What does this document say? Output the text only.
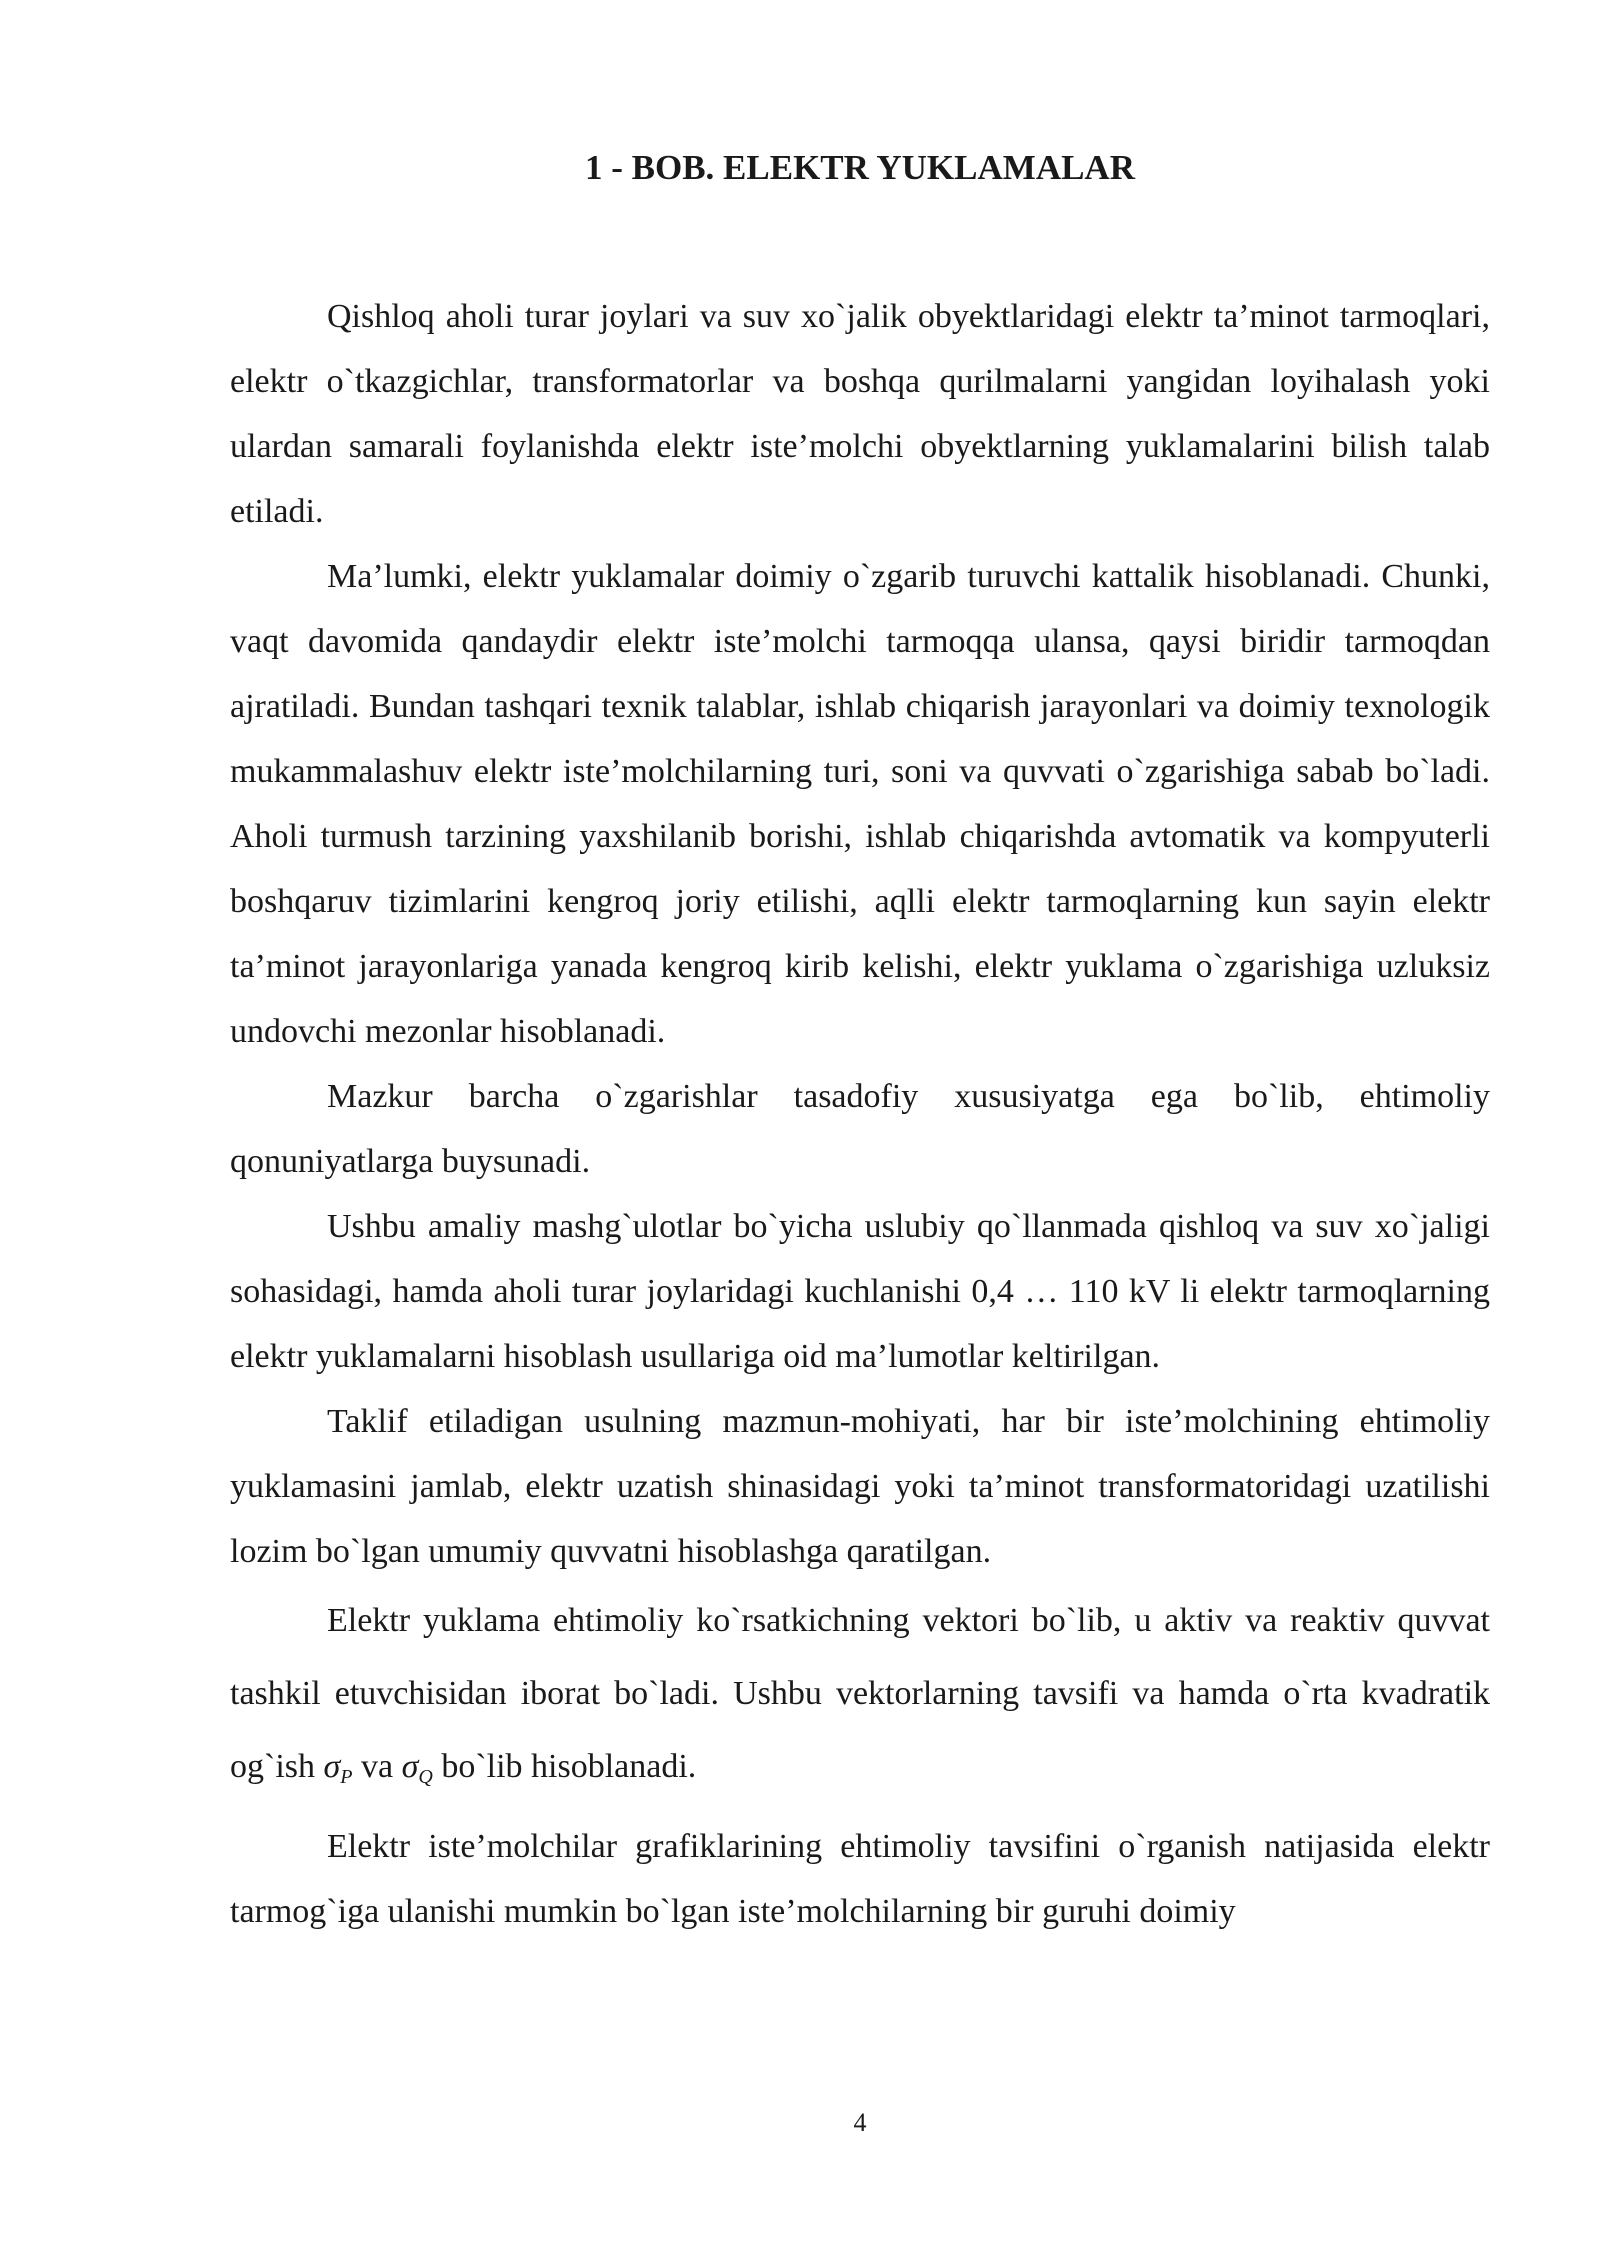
1 - BOB. ELEKTR YUKLAMALAR

Qishloq aholi turar joylari va suv xo`jalik obyektlaridagi elektr ta’minot tarmoqlari, elektr o`tkazgichlar, transformatorlar va boshqa qurilmalarni yangidan loyihalash yoki ulardan samarali foylanishda elektr iste’molchi obyektlarning yuklamalarini bilish talab etiladi.

Ma’lumki, elektr yuklamalar doimiy o`zgarib turuvchi kattalik hisoblanadi. Chunki, vaqt davomida qandaydir elektr iste’molchi tarmoqqa ulansa, qaysi biridir tarmoqdan ajratiladi. Bundan tashqari texnik talablar, ishlab chiqarish jarayonlari va doimiy texnologik mukammalashuv elektr iste’molchilarning turi, soni va quvvati o`zgarishiga sabab bo`ladi. Aholi turmush tarzining yaxshilanib borishi, ishlab chiqarishda avtomatik va kompyuterli boshqaruv tizimlarini kengroq joriy etilishi, aqlli elektr tarmoqlarning kun sayin elektr ta’minot jarayonlariga yanada kengroq kirib kelishi, elektr yuklama o`zgarishiga uzluksiz undovchi mezonlar hisoblanadi.

Mazkur barcha o`zgarishlar tasadofiy xususiyatga ega bo`lib, ehtimoliy qonuniyatlarga buysunadi.

Ushbu amaliy mashg`ulotlar bo`yicha uslubiy qo`llanmada qishloq va suv xo`jaligi sohasidagi, hamda aholi turar joylaridagi kuchlanishi 0,4 … 110 kV li elektr tarmoqlarning elektr yuklamalarni hisoblash usullariga oid ma’lumotlar keltirilgan.

Taklif etiladigan usulning mazmun-mohiyati, har bir iste’molchining ehtimoliy yuklamasini jamlab, elektr uzatish shinasidagi yoki ta’minot transformatoridagi uzatilishi lozim bo`lgan umumiy quvvatni hisoblashga qaratilgan.

Elektr yuklama ehtimoliy ko`rsatkichning vektori bo`lib, u aktiv va reaktiv quvvat tashkil etuvchisidan iborat bo`ladi. Ushbu vektorlarning tavsifi va hamda o`rta kvadratik og`ish $\sigma_P$ va $\sigma_Q$ bo`lib hisoblanadi.

Elektr iste’molchilar grafiklarining ehtimoliy tavsifini o`rganish natijasida elektr tarmog`iga ulanishi mumkin bo`lgan iste’molchilarning bir guruhi doimiy

4
